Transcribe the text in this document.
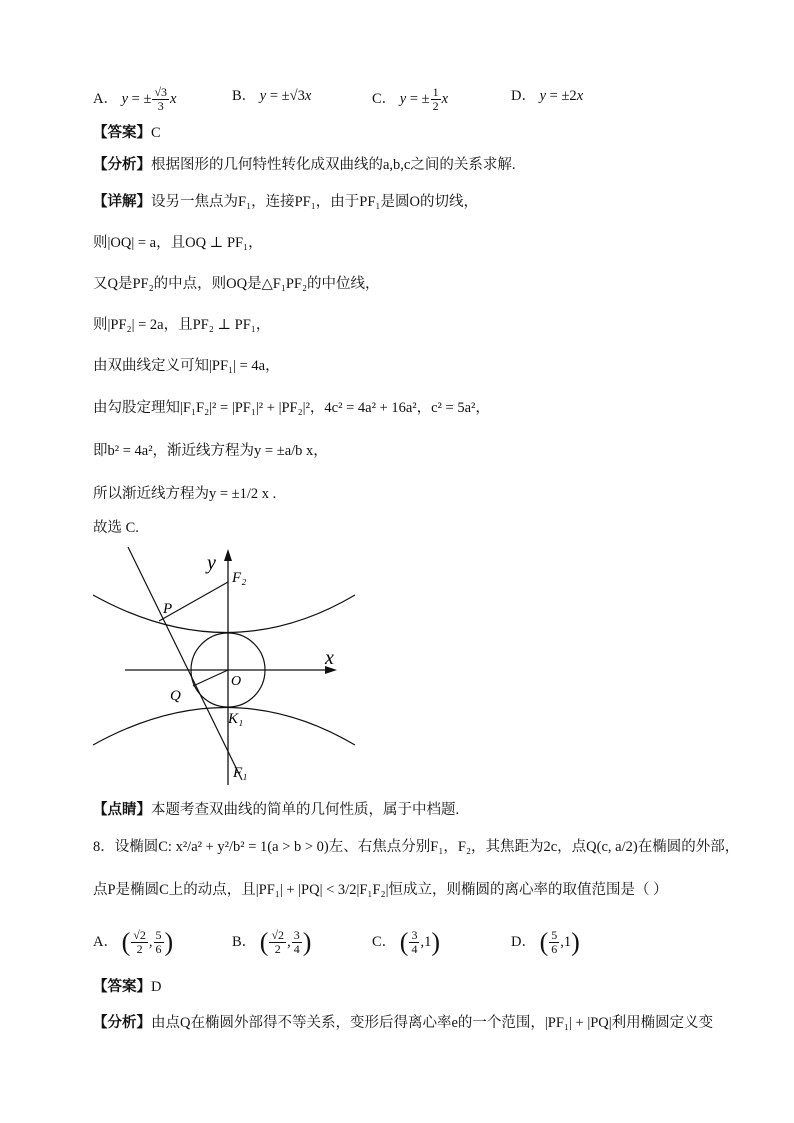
A． y = ± $\frac{√3}{3}$ x	B． y = ±√3x	C． y = ± $\frac{1}{2}$ x	D． y = ±2x
【答案】C
【分析】根据图形的几何特性转化成双曲线的a,b,c之间的关系求解.
【详解】设另一焦点为F₁，连接PF₁，由于PF₁是圆O的切线，
则|OQ| = a，且OQ ⊥ PF₁，
又Q是PF₂的中点，则OQ是△F₁PF₂的中位线，
则|PF₂| = 2a，且PF₂ ⊥ PF₁，
由双曲线定义可知|PF₁| = 4a，
由勾股定理知|F₁F₂|² = |PF₁|² + |PF₂|²，4c² = 4a² + 16a²，c² = 5a²，
即b² = 4a²，渐近线方程为y = ±a/b x，
所以渐近线方程为y = ±1/2 x .
故选 C.
y
F₂
P
x
O
Q
K₁
F₁
【点睛】本题考查双曲线的简单的几何性质，属于中档题.
8．设椭圆C: x²/a² + y²/b² = 1(a > b > 0)左、右焦点分别F₁，F₂，其焦距为2c，点Q(c, a/2)在椭圆的外部，
点P是椭圆C上的动点，且|PF₁| + |PQ| < 3/2|F₁F₂|恒成立，则椭圆的离心率的取值范围是（ ）
A． ( $\frac{√2}{2}$ , $\frac{5}{6}$ )	B． ( $\frac{√2}{2}$ , $\frac{3}{4}$ )	C． ( $\frac{3}{4} ,1$)	D． ( $\frac{5}{6} ,1$)
【答案】D
【分析】由点Q在椭圆外部得不等关系，变形后得离心率e的一个范围，|PF₁| + |PQ|利用椭圆定义变
